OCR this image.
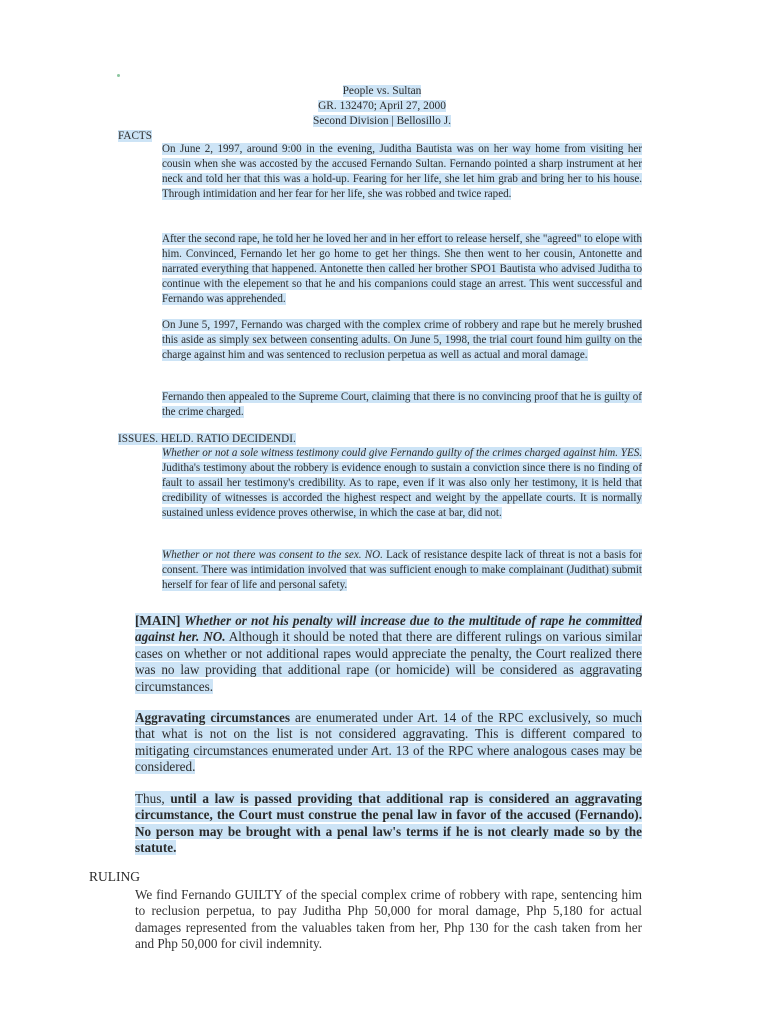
People vs. Sultan
GR. 132470; April 27, 2000
Second Division | Bellosillo J.
FACTS
On June 2, 1997, around 9:00 in the evening, Juditha Bautista was on her way home from visiting her cousin when she was accosted by the accused Fernando Sultan. Fernando pointed a sharp instrument at her neck and told her that this was a hold-up. Fearing for her life, she let him grab and bring her to his house. Through intimidation and her fear for her life, she was robbed and twice raped.
After the second rape, he told her he loved her and in her effort to release herself, she "agreed" to elope with him. Convinced, Fernando let her go home to get her things. She then went to her cousin, Antonette and narrated everything that happened. Antonette then called her brother SPO1 Bautista who advised Juditha to continue with the elepement so that he and his companions could stage an arrest. This went successful and Fernando was apprehended.
On June 5, 1997, Fernando was charged with the complex crime of robbery and rape but he merely brushed this aside as simply sex between consenting adults. On June 5, 1998, the trial court found him guilty on the charge against him and was sentenced to reclusion perpetua as well as actual and moral damage.
Fernando then appealed to the Supreme Court, claiming that there is no convincing proof that he is guilty of the crime charged.
ISSUES. HELD. RATIO DECIDENDI.
Whether or not a sole witness testimony could give Fernando guilty of the crimes charged against him. YES. Juditha's testimony about the robbery is evidence enough to sustain a conviction since there is no finding of fault to assail her testimony's credibility. As to rape, even if it was also only her testimony, it is held that credibility of witnesses is accorded the highest respect and weight by the appellate courts. It is normally sustained unless evidence proves otherwise, in which the case at bar, did not.
Whether or not there was consent to the sex. NO. Lack of resistance despite lack of threat is not a basis for consent. There was intimidation involved that was sufficient enough to make complainant (Judithat) submit herself for fear of life and personal safety.
[MAIN] Whether or not his penalty will increase due to the multitude of rape he committed against her. NO. Although it should be noted that there are different rulings on various similar cases on whether or not additional rapes would appreciate the penalty, the Court realized there was no law providing that additional rape (or homicide) will be considered as aggravating circumstances.
Aggravating circumstances are enumerated under Art. 14 of the RPC exclusively, so much that what is not on the list is not considered aggravating. This is different compared to mitigating circumstances enumerated under Art. 13 of the RPC where analogous cases may be considered.
Thus, until a law is passed providing that additional rap is considered an aggravating circumstance, the Court must construe the penal law in favor of the accused (Fernando). No person may be brought with a penal law's terms if he is not clearly made so by the statute.
RULING
We find Fernando GUILTY of the special complex crime of robbery with rape, sentencing him to reclusion perpetua, to pay Juditha Php 50,000 for moral damage, Php 5,180 for actual damages represented from the valuables taken from her, Php 130 for the cash taken from her and Php 50,000 for civil indemnity.
